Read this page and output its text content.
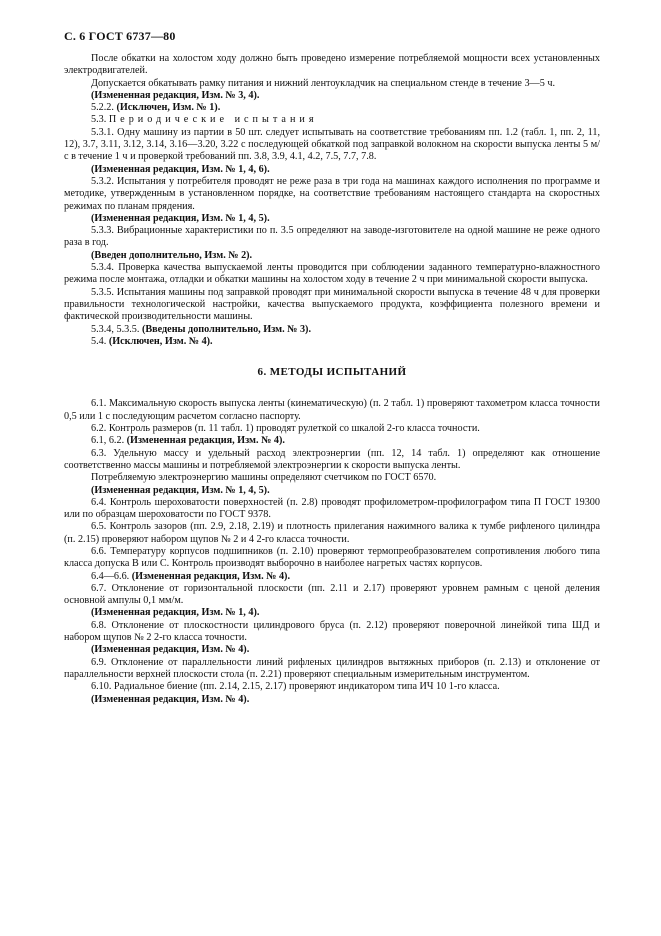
С. 6 ГОСТ 6737—80

После обкатки на холостом ходу должно быть проведено измерение потребляемой мощности всех установленных электродвигателей.

Допускается обкатывать рамку питания и нижний лентоукладчик на специальном стенде в течение 3—5 ч.

(Измененная редакция, Изм. № 3, 4).

5.2.2. (Исключен, Изм. № 1).

5.3. Периодические испытания

5.3.1. Одну машину из партии в 50 шт. следует испытывать на соответствие требованиям пп. 1.2 (табл. 1, пп. 2, 11, 12), 3.7, 3.11, 3.12, 3.14, 3.16—3.20, 3.22 с последующей обкаткой под заправкой волокном на скорости выпуска ленты 5 м/с в течение 1 ч и проверкой требований пп. 3.8, 3.9, 4.1, 4.2, 7.5, 7.7, 7.8.

(Измененная редакция, Изм. № 1, 4, 6).

5.3.2. Испытания у потребителя проводят не реже раза в три года на машинах каждого исполнения по программе и методике, утвержденным в установленном порядке, на соответствие требованиям настоящего стандарта на скоростных режимах по планам прядения.

(Измененная редакция, Изм. № 1, 4, 5).

5.3.3. Вибрационные характеристики по п. 3.5 определяют на заводе-изготовителе на одной машине не реже одного раза в год.

(Введен дополнительно, Изм. № 2).

5.3.4. Проверка качества выпускаемой ленты проводится при соблюдении заданного температурно-влажностного режима после монтажа, отладки и обкатки машины на холостом ходу в течение 2 ч при минимальной скорости выпуска.

5.3.5. Испытания машины под заправкой проводят при минимальной скорости выпуска в течение 48 ч для проверки правильности технологической настройки, качества выпускаемого продукта, коэффициента полезного времени и фактической производительности машины.

5.3.4, 5.3.5. (Введены дополнительно, Изм. № 3).

5.4. (Исключен, Изм. № 4).

6. МЕТОДЫ ИСПЫТАНИЙ

6.1. Максимальную скорость выпуска ленты (кинематическую) (п. 2 табл. 1) проверяют тахометром класса точности 0,5 или 1 с последующим расчетом согласно паспорту.

6.2. Контроль размеров (п. 11 табл. 1) проводят рулеткой со шкалой 2-го класса точности.

6.1, 6.2. (Измененная редакция, Изм. № 4).

6.3. Удельную массу и удельный расход электроэнергии (пп. 12, 14 табл. 1) определяют как отношение соответственно массы машины и потребляемой электроэнергии к скорости выпуска ленты.

Потребляемую электроэнергию машины определяют счетчиком по ГОСТ 6570.

(Измененная редакция, Изм. № 1, 4, 5).

6.4. Контроль шероховатости поверхностей (п. 2.8) проводят профилометром-профилографом типа П ГОСТ 19300 или по образцам шероховатости по ГОСТ 9378.

6.5. Контроль зазоров (пп. 2.9, 2.18, 2.19) и плотность прилегания нажимного валика к тумбе рифленого цилиндра (п. 2.15) проверяют набором щупов № 2 и 4 2-го класса точности.

6.6. Температуру корпусов подшипников (п. 2.10) проверяют термопреобразователем сопротивления любого типа класса допуска В или С. Контроль производят выборочно в наиболее нагретых частях корпусов.

6.4—6.6. (Измененная редакция, Изм. № 4).

6.7. Отклонение от горизонтальной плоскости (пп. 2.11 и 2.17) проверяют уровнем рамным с ценой деления основной ампулы 0,1 мм/м.

(Измененная редакция, Изм. № 1, 4).

6.8. Отклонение от плоскостности цилиндрового бруса (п. 2.12) проверяют поверочной линейкой типа ШД и набором щупов № 2 2-го класса точности.

(Измененная редакция, Изм. № 4).

6.9. Отклонение от параллельности линий рифленых цилиндров вытяжных приборов (п. 2.13) и отклонение от параллельности верхней плоскости стола (п. 2.21) проверяют специальным измерительным инструментом.

6.10. Радиальное биение (пп. 2.14, 2.15, 2.17) проверяют индикатором типа ИЧ 10 1-го класса.

(Измененная редакция, Изм. № 4).
